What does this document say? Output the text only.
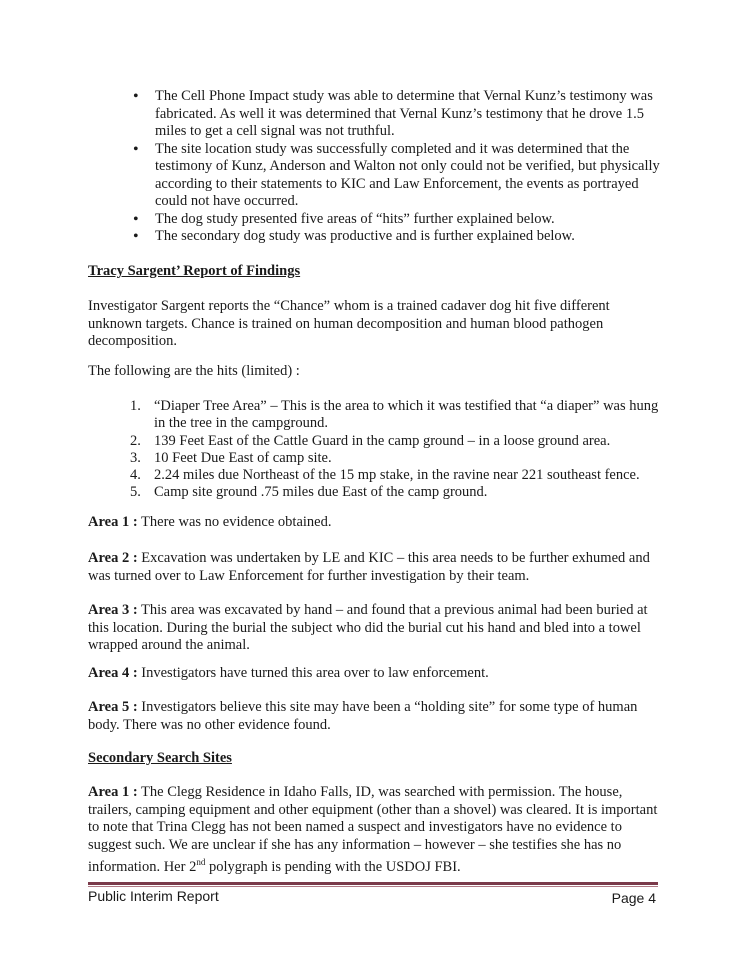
• The Cell Phone Impact study was able to determine that Vernal Kunz’s testimony was fabricated. As well it was determined that Vernal Kunz’s testimony that he drove 1.5 miles to get a cell signal was not truthful.
• The site location study was successfully completed and it was determined that the testimony of Kunz, Anderson and Walton not only could not be verified, but physically according to their statements to KIC and Law Enforcement, the events as portrayed could not have occurred.
• The dog study presented five areas of “hits” further explained below.
• The secondary dog study was productive and is further explained below.
Tracy Sargent’ Report of Findings

Investigator Sargent reports the “Chance” whom is a trained cadaver dog hit five different unknown targets. Chance is trained on human decomposition and human blood pathogen decomposition.

The following are the hits (limited) :

1. “Diaper Tree Area” – This is the area to which it was testified that “a diaper” was hung in the tree in the campground.
2. 139 Feet East of the Cattle Guard in the camp ground – in a loose ground area.
3. 10 Feet Due East of camp site.
4. 2.24 miles due Northeast of the 15 mp stake, in the ravine near 221 southeast fence.
5. Camp site ground .75 miles due East of the camp ground.

Area 1 : There was no evidence obtained.

Area 2 : Excavation was undertaken by LE and KIC – this area needs to be further exhumed and was turned over to Law Enforcement for further investigation by their team.

Area 3 : This area was excavated by hand – and found that a previous animal had been buried at this location. During the burial the subject who did the burial cut his hand and bled into a towel wrapped around the animal.

Area 4 : Investigators have turned this area over to law enforcement.

Area 5 : Investigators believe this site may have been a “holding site” for some type of human body. There was no other evidence found.

Secondary Search Sites

Area 1 : The Clegg Residence in Idaho Falls, ID, was searched with permission. The house, trailers, camping equipment and other equipment (other than a shovel) was cleared. It is important to note that Trina Clegg has not been named a suspect and investigators have no evidence to suggest such. We are unclear if she has any information – however – she testifies she has no information. Her 2nd polygraph is pending with the USDOJ FBI.

Public Interim Report	Page 4
